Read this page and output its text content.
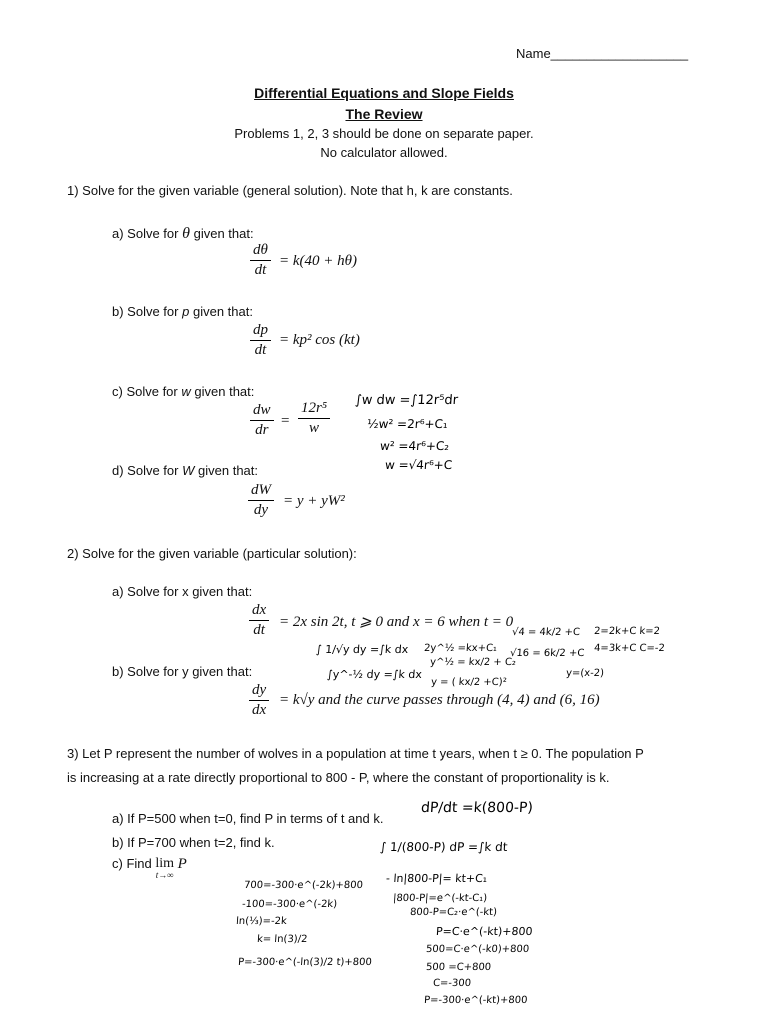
Name___________________
Differential Equations and Slope Fields
The Review
Problems 1, 2, 3 should be done on separate paper.
No calculator allowed.
1) Solve for the given variable (general solution). Note that h, k are constants.
a) Solve for θ given that:
$\frac{d\theta}{dt} = k(40 + h\theta)$
b) Solve for p given that:
$\frac{dp}{dt} = kp^2$ cos (kt)
c) Solve for w given that:
$\frac{dw}{dr} = \frac{\text{12r⁵}}{w} \int w$ dw =∫12r⁵dr
½w² =2r⁶+C₁
w² =4r⁶+C₂
w =√4r⁶+C
d) Solve for W given that:
$\frac{dW}{dy} = y + yW^2$
2) Solve for the given variable (particular solution):
a) Solve for x given that:
$\frac{dx}{dt} = 2x$ sin 2t, t ⩾ 0 and x = 6 when t = 0
∫ 1/√y dy =∫k dx
∫y^-½ dy =∫k dx
2y^½ =kx+C₁
y^½ = kx/2 + C₂
y = ( kx/2 +C)²
√4 = 4k/2 +C
√16 = 6k/2 +C
2=2k+C k=2
4=3k+C C=-2
y=(x-2)
b) Solve for y given that:
$\frac{dy}{dx} = k√y$ and the curve passes through (4, 4) and (6, 16)
3) Let P represent the number of wolves in a population at time t years, when t ≥ 0. The population P
is increasing at a rate directly proportional to 800 - P, where the constant of proportionality is k.
a) If P=500 when t=0, find P in terms of t and k.
b) If P=700 when t=2, find k.
c) Find lim
t→∞
P
dP/dt =k(800-P)
∫ 1/(800-P) dP =∫k dt
- ln|800-P|= kt+C₁
|800-P|=e^(-kt-C₁)
800-P=C₂·e^(-kt)
P=C·e^(-kt)+800
500=C·e^(-k0)+800
500 =C+800
C=-300
P=-300·e^(-kt)+800
700=-300·e^(-2k)+800
-100=-300·e^(-2k)
ln(⅓)=-2k
k= ln(3)/2
P=-300·e^(-ln(3)/2 t)+800
